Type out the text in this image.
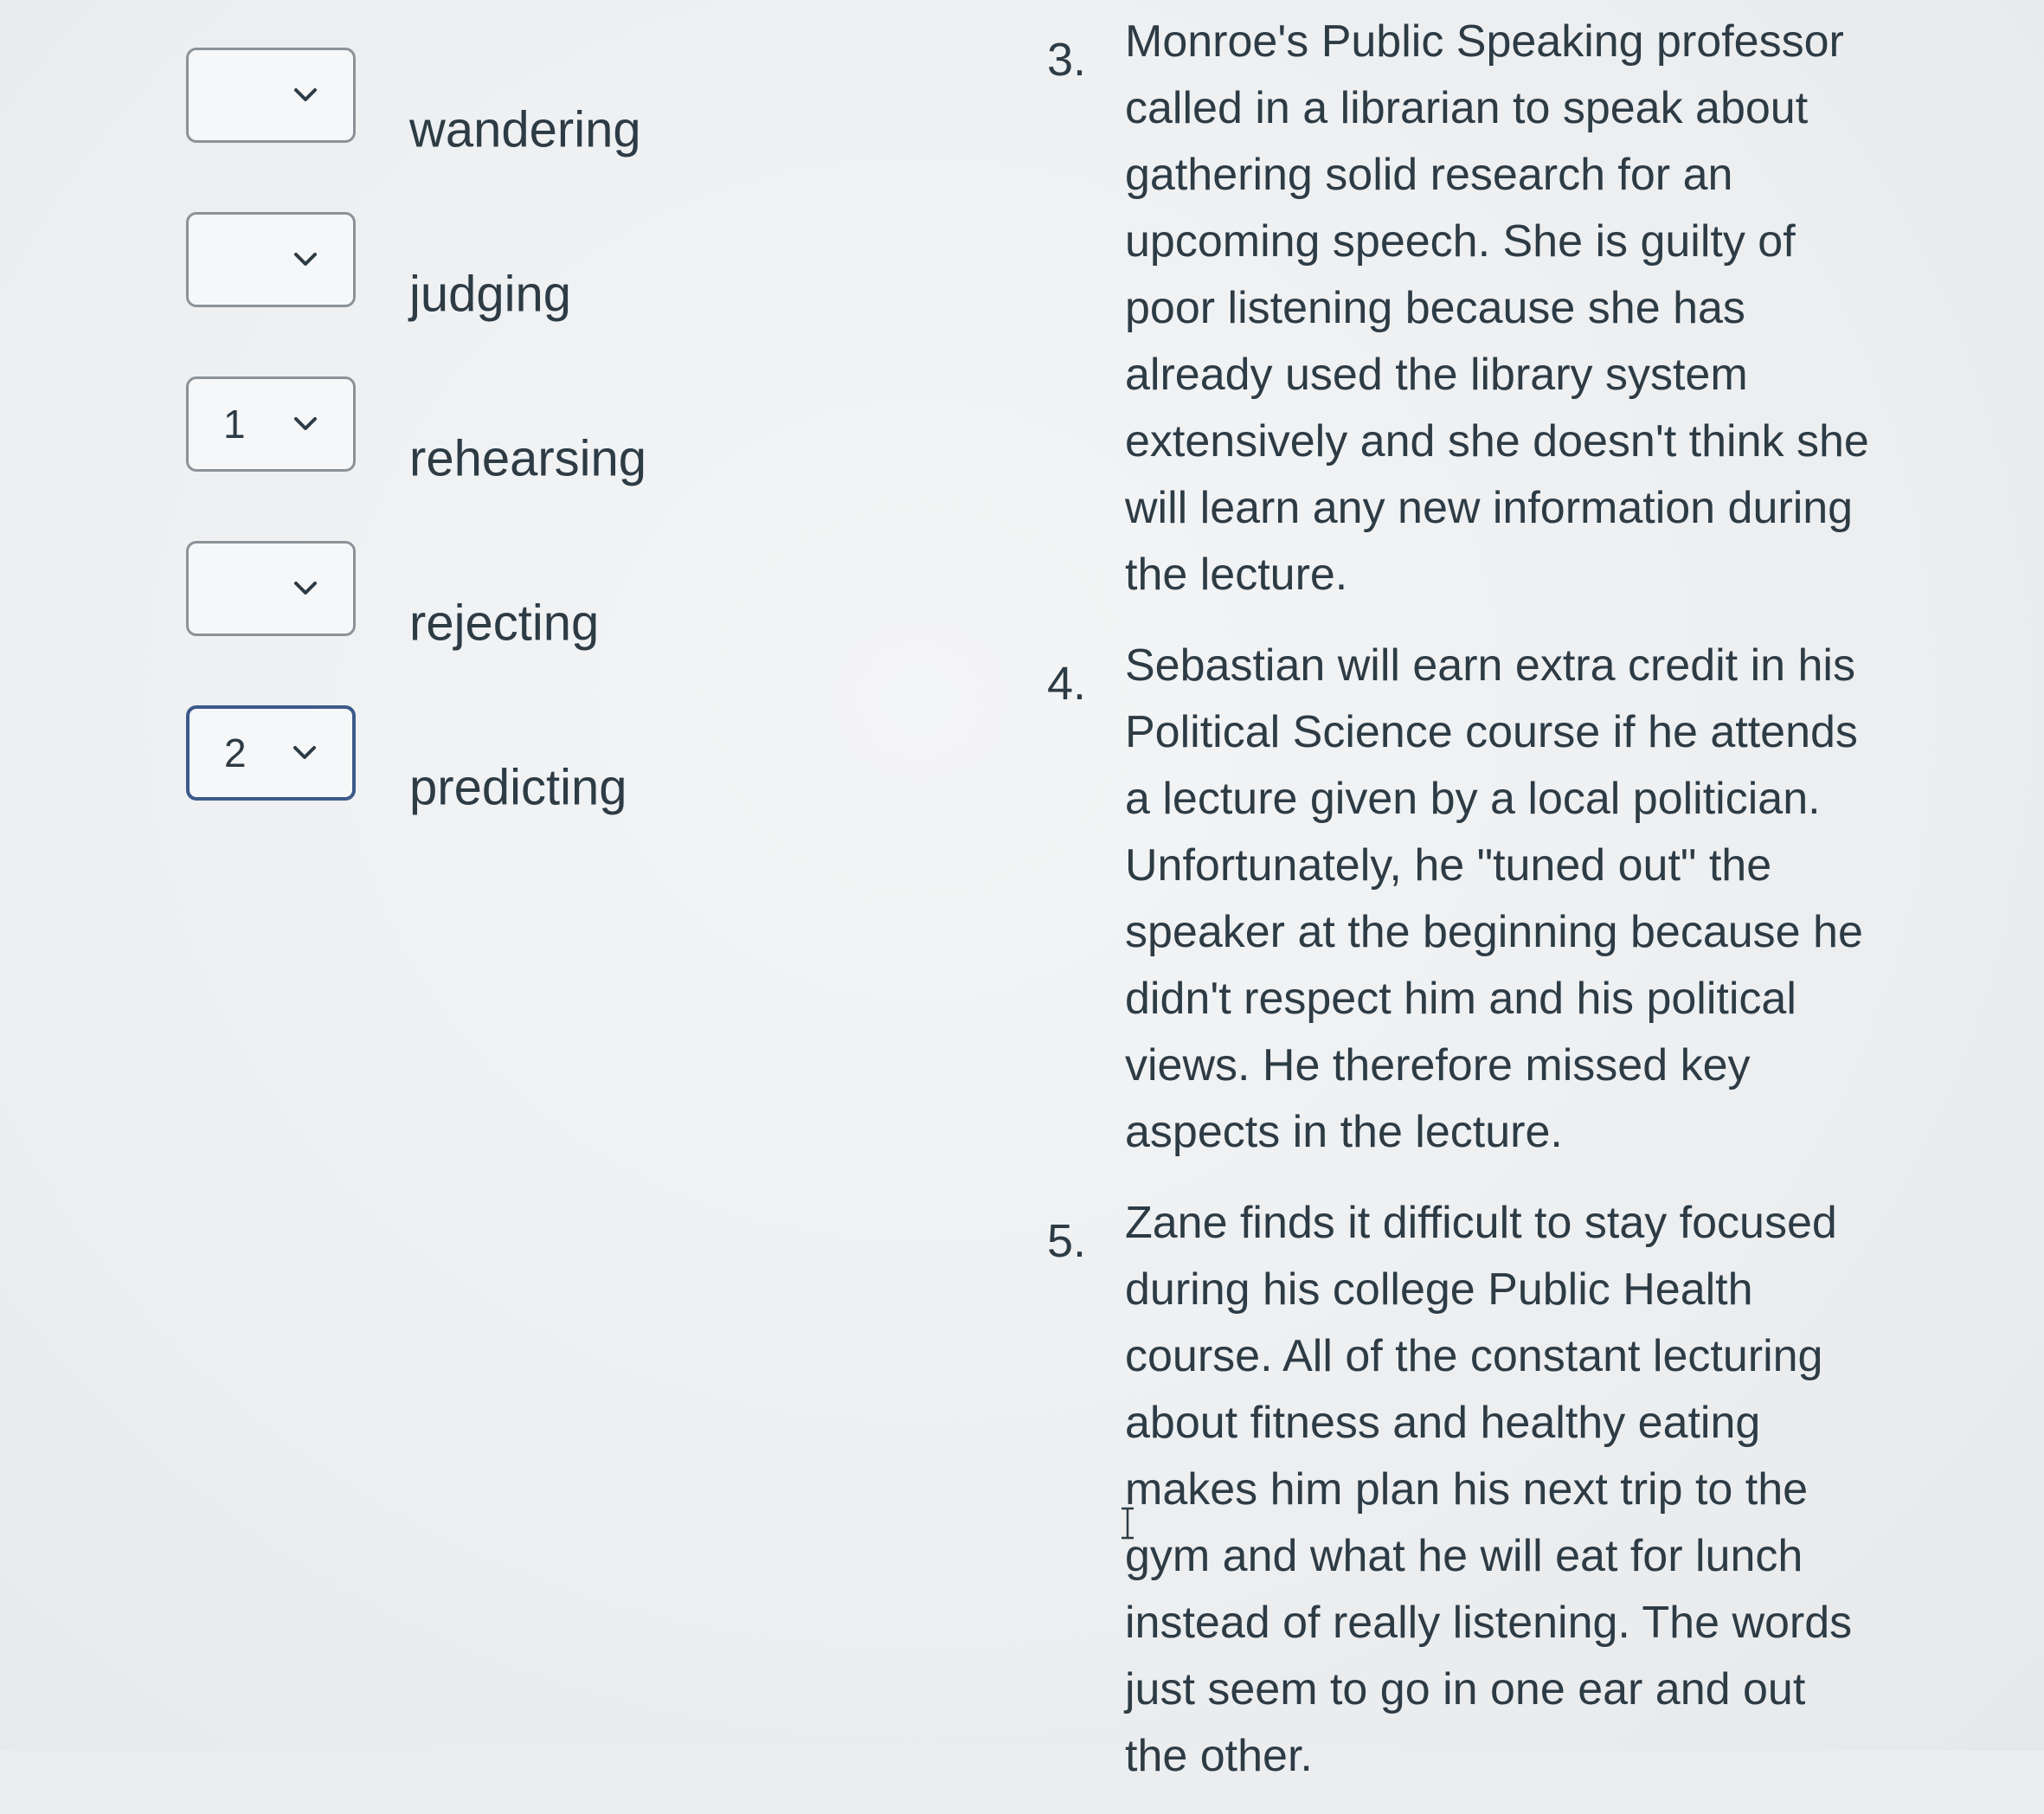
wandering
judging
1
rehearsing
rejecting
2
predicting
3. Monroe's Public Speaking professor called in a librarian to speak about gathering solid research for an upcoming speech. She is guilty of poor listening because she has already used the library system extensively and she doesn't think she will learn any new information during the lecture.

4. Sebastian will earn extra credit in his Political Science course if he attends a lecture given by a local politician. Unfortunately, he "tuned out" the speaker at the beginning because he didn't respect him and his political views. He therefore missed key aspects in the lecture.

5. Zane finds it difficult to stay focused during his college Public Health course. All of the constant lecturing about fitness and healthy eating makes him plan his next trip to the gym and what he will eat for lunch instead of really listening. The words just seem to go in one ear and out the other.
